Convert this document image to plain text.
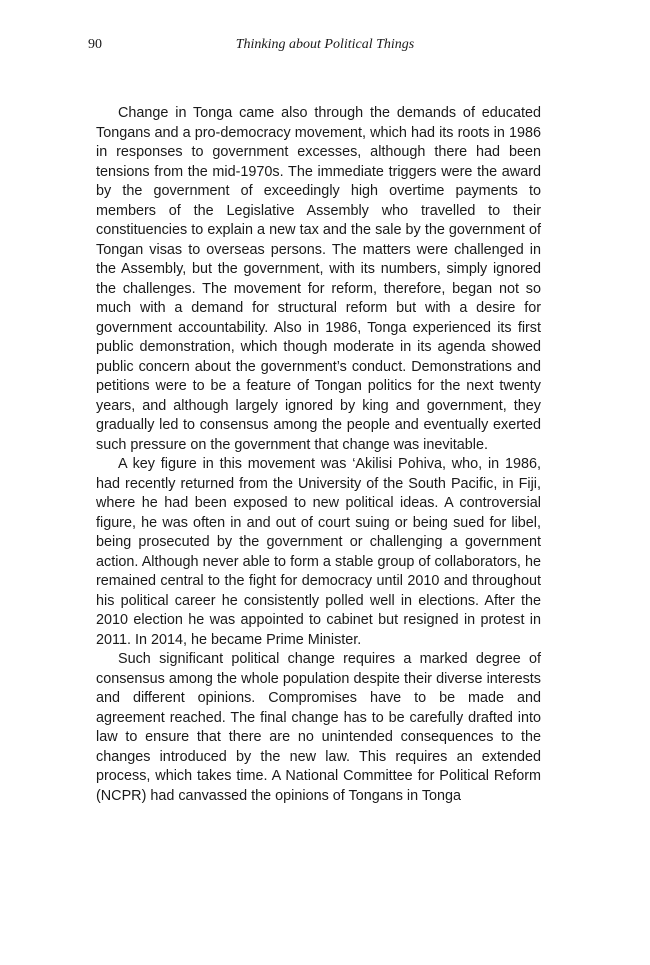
90	Thinking about Political Things

Change in Tonga came also through the demands of educated Tongans and a pro-democracy movement, which had its roots in 1986 in responses to government excesses, although there had been tensions from the mid-1970s. The immediate triggers were the award by the government of exceedingly high overtime payments to members of the Legislative Assembly who travelled to their constituencies to explain a new tax and the sale by the government of Tongan visas to overseas persons. The matters were challenged in the Assembly, but the government, with its numbers, simply ignored the challenges. The movement for reform, therefore, began not so much with a demand for structural reform but with a desire for government accountability. Also in 1986, Tonga experienced its first public demonstration, which though moderate in its agenda showed public concern about the government’s conduct. Demonstrations and petitions were to be a feature of Tongan politics for the next twenty years, and although largely ignored by king and government, they gradually led to consensus among the people and eventually exerted such pressure on the government that change was inevitable.

A key figure in this movement was ‘Akilisi Pohiva, who, in 1986, had recently returned from the University of the South Pacific, in Fiji, where he had been exposed to new political ideas. A controversial figure, he was often in and out of court suing or being sued for libel, being prosecuted by the government or challenging a government action. Although never able to form a stable group of collaborators, he remained central to the fight for democracy until 2010 and throughout his political career he consistently polled well in elections. After the 2010 election he was appointed to cabinet but resigned in protest in 2011. In 2014, he became Prime Minister.

Such significant political change requires a marked degree of consensus among the whole population despite their diverse interests and different opinions. Compromises have to be made and agreement reached. The final change has to be carefully drafted into law to ensure that there are no unintended consequences to the changes introduced by the new law. This requires an extended process, which takes time. A National Committee for Political Reform (NCPR) had canvassed the opinions of Tongans in Tonga
